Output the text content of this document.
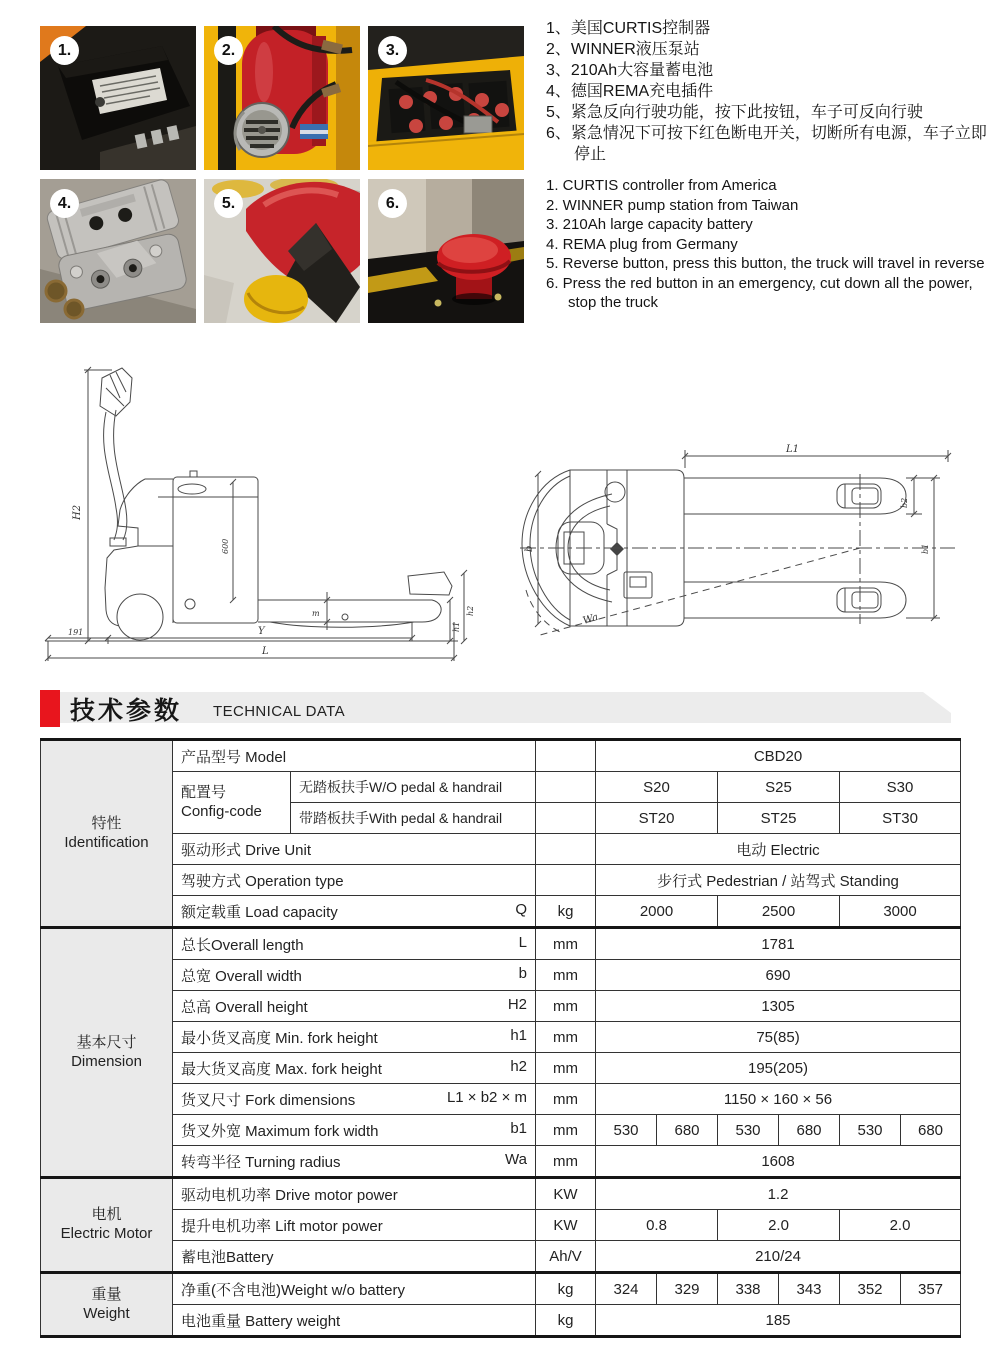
1.	2.	3.
4.	5.	6.
1、美国CURTIS控制器
2、WINNER液压泵站
3、210Ah大容量蓄电池
4、德国REMA充电插件
5、紧急反向行驶功能，按下此按钮，车子可反向行驶
6、紧急情况下可按下红色断电开关，切断所有电源，车子立即停止
1. CURTIS controller from America
2. WINNER pump station from Taiwan
3. 210Ah large capacity battery
4. REMA plug from Germany
5. Reverse button, press this button, the truck will travel in reverse
6. Press the red button in an emergency, cut down all the power, stop the truck
H2
600
m	h2
h1
191	Y
L
Wa
L1
b
b2
b1
技术参数 TECHNICAL DATA
特性
Identification	产品型号 Model			CBD20					

	配置号
Config-code	无踏板扶手W/O pedal & handrail		S20		S25		S30	
		带踏板扶手With pedal & handrail		ST20		ST25		ST30	
	驱动形式 Drive Unit			电动 Electric					
	驾驶方式 Operation type			步行式 Pedestrian / 站驾式 Standing					
	额定载重 Load capacity Q		kg	2000		2500		3000	

基本尺寸
Dimension
	总长Overall length	L	mm	1781
	总宽 Overall width b		mm	690					
	总高 Overall height H2		mm	1305					
	最小货叉高度 Min. fork height h1		mm	75(85)					
	最大货叉高度 Max. fork height h2		mm	195(205)					
	货叉尺寸 Fork dimensions L1 × b2 × m		mm	1150 × 160 × 56					
	货叉外宽 Maximum fork width b1		mm	530	680	530	680	530	680
	转弯半径 Turning radius Wa		mm	1608					

电机
Electric Motor	驱动电机功率 Drive motor power		KW	1.2					
	提升电机功率 Lift motor power		KW	0.8		2.0		2.0	
	蓄电池Battery		Ah/V	210/24					

重量
Weight	净重(不含电池)Weight w/o battery		kg	324	329	338	343	352	357
	电池重量 Battery weight		kg	185					
